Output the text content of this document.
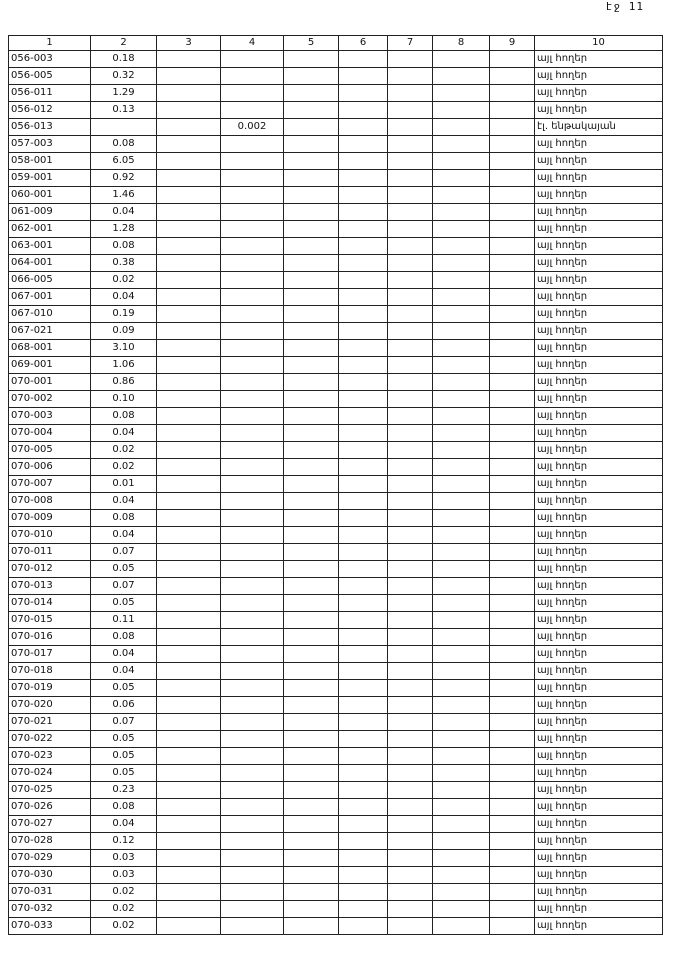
էջ 11
1	2	3	4	5	6	7	8	9	10
056-003	0.18								այլ հողեր
056-005	0.32								այլ հողեր
056-011	1.29								այլ հողեր
056-012	0.13								այլ հողեր
056-013			0.002						էլ. ենթակայան
057-003	0.08								այլ հողեր
058-001	6.05								այլ հողեր
059-001	0.92								այլ հողեր
060-001	1.46								այլ հողեր
061-009	0.04								այլ հողեր
062-001	1.28								այլ հողեր
063-001	0.08								այլ հողեր
064-001	0.38								այլ հողեր
066-005	0.02								այլ հողեր
067-001	0.04								այլ հողեր
067-010	0.19								այլ հողեր
067-021	0.09								այլ հողեր
068-001	3.10								այլ հողեր
069-001	1.06								այլ հողեր
070-001	0.86								այլ հողեր
070-002	0.10								այլ հողեր
070-003	0.08								այլ հողեր
070-004	0.04								այլ հողեր
070-005	0.02								այլ հողեր
070-006	0.02								այլ հողեր
070-007	0.01								այլ հողեր
070-008	0.04								այլ հողեր
070-009	0.08								այլ հողեր
070-010	0.04								այլ հողեր
070-011	0.07								այլ հողեր
070-012	0.05								այլ հողեր
070-013	0.07								այլ հողեր
070-014	0.05								այլ հողեր
070-015	0.11								այլ հողեր
070-016	0.08								այլ հողեր
070-017	0.04								այլ հողեր
070-018	0.04								այլ հողեր
070-019	0.05								այլ հողեր
070-020	0.06								այլ հողեր
070-021	0.07								այլ հողեր
070-022	0.05								այլ հողեր
070-023	0.05								այլ հողեր
070-024	0.05								այլ հողեր
070-025	0.23								այլ հողեր
070-026	0.08								այլ հողեր
070-027	0.04								այլ հողեր
070-028	0.12								այլ հողեր
070-029	0.03								այլ հողեր
070-030	0.03								այլ հողեր
070-031	0.02								այլ հողեր
070-032	0.02								այլ հողեր
070-033	0.02								այլ հողեր
